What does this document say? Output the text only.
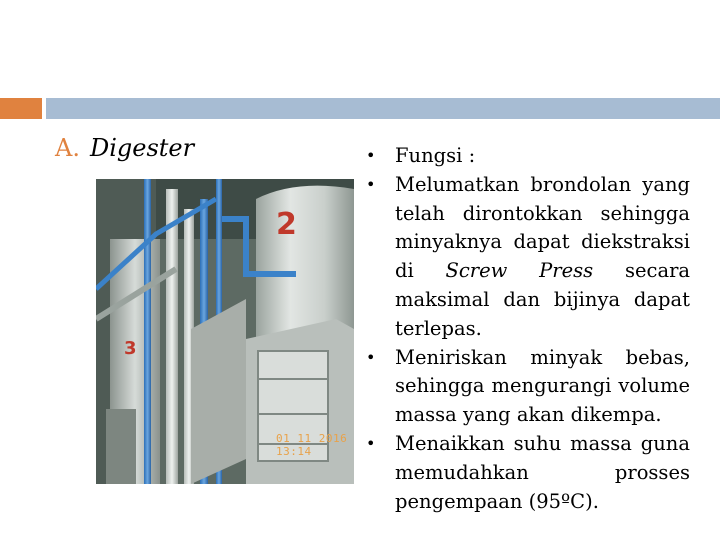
A. Digester
3
2
01 11 2016 13:14
• Fungsi :
• Melumatkan brondolan yang telah dirontokkan sehingga minyaknya dapat diekstraksi di Screw Press secara maksimal dan bijinya dapat terlepas.
• Meniriskan minyak bebas, sehingga mengurangi volume massa yang akan dikempa.
• Menaikkan suhu massa guna memudahkan prosses pengempaan (95ºC).
